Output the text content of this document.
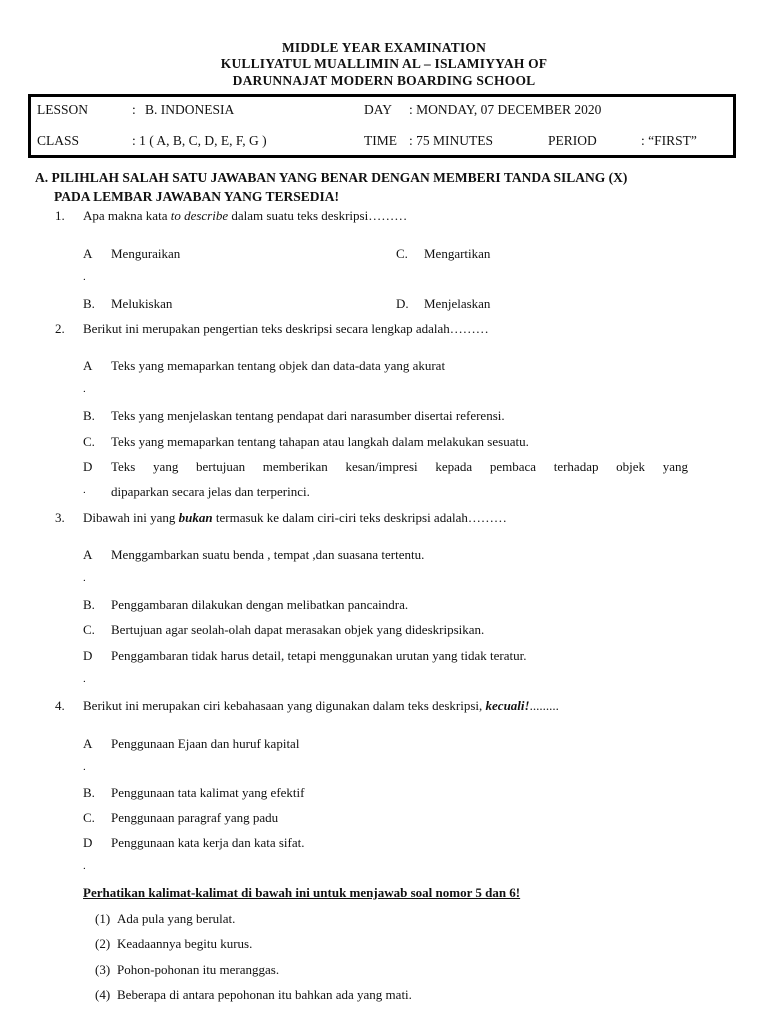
MIDDLE YEAR EXAMINATION
KULLIYATUL MUALLIMIN AL – ISLAMIYYAH OF
DARUNNAJAT MODERN BOARDING SCHOOL
LESSON	: B. INDONESIA	DAY : MONDAY, 07 DECEMBER 2020
CLASS	: 1 ( A, B, C, D, E, F, G )	TIME : 75 MINUTES	PERIOD	: “FIRST”
A. PILIHLAH SALAH SATU JAWABAN YANG BENAR DENGAN MEMBERI TANDA SILANG (X)
PADA LEMBAR JAWABAN YANG TERSEDIA!
1. Apa makna kata to describe dalam suatu teks deskripsi………
A Menguraikan	C. Mengartikan
.
B. Melukiskan	D. Menjelaskan
2. Berikut ini merupakan pengertian teks deskripsi secara lengkap adalah………
A Teks yang memaparkan tentang objek dan data-data yang akurat
.
B. Teks yang menjelaskan tentang pendapat dari narasumber disertai referensi.
C. Teks yang memaparkan tentang tahapan atau langkah dalam melakukan sesuatu.
D Teks yang bertujuan memberikan kesan/impresi kepada pembaca terhadap objek yang
. dipaparkan secara jelas dan terperinci.
3. Dibawah ini yang bukan termasuk ke dalam ciri-ciri teks deskripsi adalah………
A Menggambarkan suatu benda , tempat ,dan suasana tertentu.
.
B. Penggambaran dilakukan dengan melibatkan pancaindra.
C. Bertujuan agar seolah-olah dapat merasakan objek yang dideskripsikan.
D Penggambaran tidak harus detail, tetapi menggunakan urutan yang tidak teratur.
.
4. Berikut ini merupakan ciri kebahasaan yang digunakan dalam teks deskripsi, kecuali!.........
A Penggunaan Ejaan dan huruf kapital
.
B. Penggunaan tata kalimat yang efektif
C. Penggunaan paragraf yang padu
D Penggunaan kata kerja dan kata sifat.
.
Perhatikan kalimat-kalimat di bawah ini untuk menjawab soal nomor 5 dan 6!
(1) Ada pula yang berulat.
(2) Keadaannya begitu kurus.
(3) Pohon-pohonan itu meranggas.
(4) Beberapa di antara pepohonan itu bahkan ada yang mati.
